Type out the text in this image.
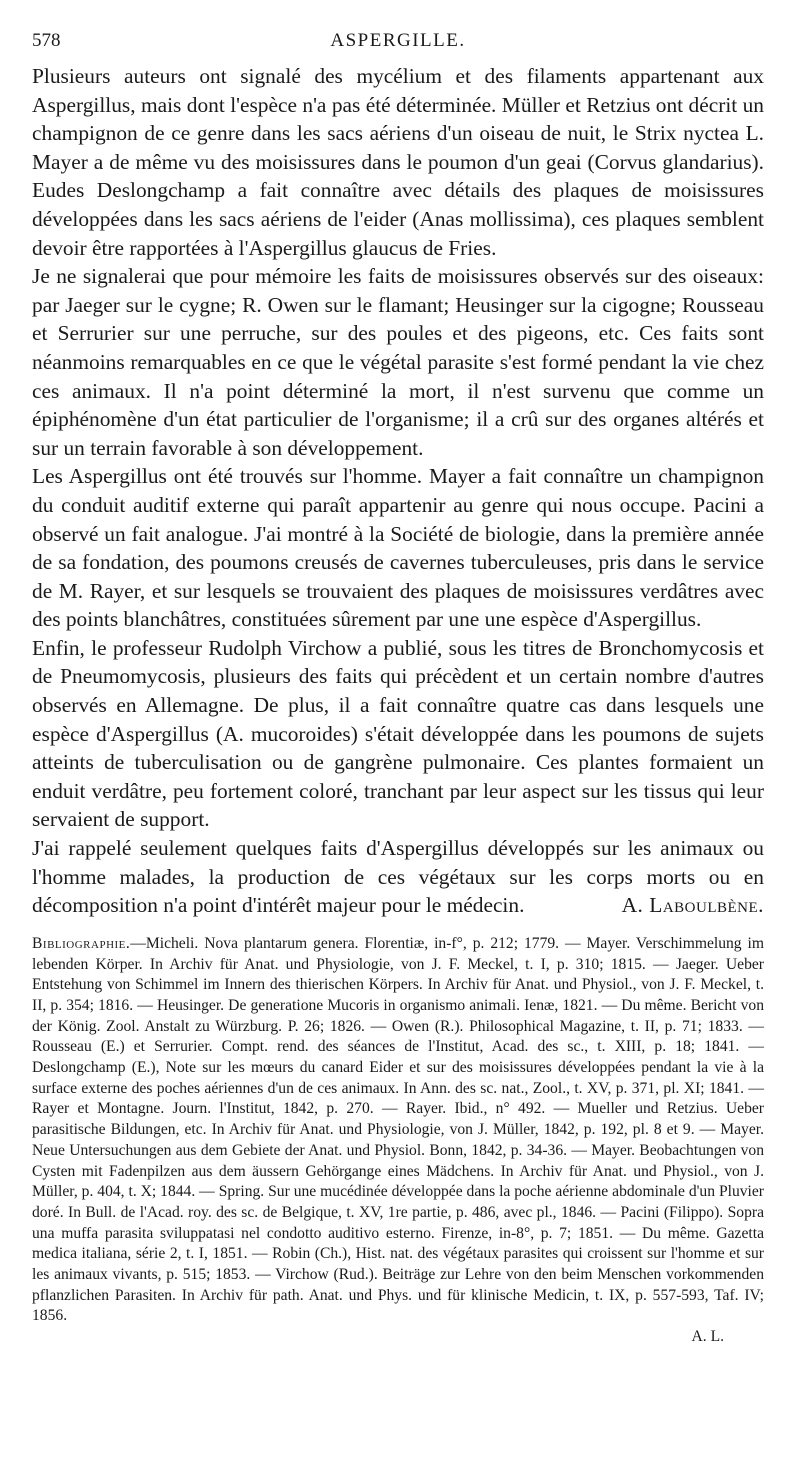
578	ASPERGILLE.

Plusieurs auteurs ont signalé des mycélium et des filaments appartenant aux Aspergillus, mais dont l'espèce n'a pas été déterminée. Müller et Retzius ont décrit un champignon de ce genre dans les sacs aériens d'un oiseau de nuit, le Strix nyctea L. Mayer a de même vu des moisissures dans le poumon d'un geai (Corvus glandarius). Eudes Deslongchamp a fait connaître avec détails des plaques de moisissures développées dans les sacs aériens de l'eider (Anas mollissima), ces plaques semblent devoir être rapportées à l'Aspergillus glaucus de Fries.

Je ne signalerai que pour mémoire les faits de moisissures observés sur des oiseaux: par Jaeger sur le cygne; R. Owen sur le flamant; Heusinger sur la cigogne; Rousseau et Serrurier sur une perruche, sur des poules et des pigeons, etc. Ces faits sont néanmoins remarquables en ce que le végétal parasite s'est formé pendant la vie chez ces animaux. Il n'a point déterminé la mort, il n'est survenu que comme un épiphénomène d'un état particulier de l'organisme; il a crû sur des organes altérés et sur un terrain favorable à son développement.

Les Aspergillus ont été trouvés sur l'homme. Mayer a fait connaître un champignon du conduit auditif externe qui paraît appartenir au genre qui nous occupe. Pacini a observé un fait analogue. J'ai montré à la Société de biologie, dans la première année de sa fondation, des poumons creusés de cavernes tuberculeuses, pris dans le service de M. Rayer, et sur lesquels se trouvaient des plaques de moisissures verdâtres avec des points blanchâtres, constituées sûrement par une une espèce d'Aspergillus.

Enfin, le professeur Rudolph Virchow a publié, sous les titres de Bronchomycosis et de Pneumomycosis, plusieurs des faits qui précèdent et un certain nombre d'autres observés en Allemagne. De plus, il a fait connaître quatre cas dans lesquels une espèce d'Aspergillus (A. mucoroides) s'était développée dans les poumons de sujets atteints de tuberculisation ou de gangrène pulmonaire. Ces plantes formaient un enduit verdâtre, peu fortement coloré, tranchant par leur aspect sur les tissus qui leur servaient de support.

J'ai rappelé seulement quelques faits d'Aspergillus développés sur les animaux ou l'homme malades, la production de ces végétaux sur les corps morts ou en décomposition n'a point d'intérêt majeur pour le médecin.	A. Laboulbène.

Bibliographie.—Micheli. Nova plantarum genera. Florentiæ, in-f°, p. 212; 1779. — Mayer. Verschimmelung im lebenden Körper. In Archiv für Anat. und Physiologie, von J. F. Meckel, t. I, p. 310; 1815. — Jaeger. Ueber Entstehung von Schimmel im Innern des thierischen Körpers. In Archiv für Anat. und Physiol., von J. F. Meckel, t. II, p. 354; 1816. — Heusinger. De generatione Mucoris in organismo animali. Ienæ, 1821. — Du même. Bericht von der König. Zool. Anstalt zu Würzburg. P. 26; 1826. — Owen (R.). Philosophical Magazine, t. II, p. 71; 1833. — Rousseau (E.) et Serrurier. Compt. rend. des séances de l'Institut, Acad. des sc., t. XIII, p. 18; 1841. — Deslongchamp (E.), Note sur les mœurs du canard Eider et sur des moisissures développées pendant la vie à la surface externe des poches aériennes d'un de ces animaux. In Ann. des sc. nat., Zool., t. XV, p. 371, pl. XI; 1841. — Rayer et Montagne. Journ. l'Institut, 1842, p. 270. — Rayer. Ibid., n° 492. — Mueller und Retzius. Ueber parasitische Bildungen, etc. In Archiv für Anat. und Physiologie, von J. Müller, 1842, p. 192, pl. 8 et 9. — Mayer. Neue Untersuchungen aus dem Gebiete der Anat. und Physiol. Bonn, 1842, p. 34-36. — Mayer. Beobachtungen von Cysten mit Fadenpilzen aus dem äussern Gehörgange eines Mädchens. In Archiv für Anat. und Physiol., von J. Müller, p. 404, t. X; 1844. — Spring. Sur une mucédinée développée dans la poche aérienne abdominale d'un Pluvier doré. In Bull. de l'Acad. roy. des sc. de Belgique, t. XV, 1re partie, p. 486, avec pl., 1846. — Pacini (Filippo). Sopra una muffa parasita sviluppatasi nel condotto auditivo esterno. Firenze, in-8°, p. 7; 1851. — Du même. Gazetta medica italiana, série 2, t. I, 1851. — Robin (Ch.), Hist. nat. des végétaux parasites qui croissent sur l'homme et sur les animaux vivants, p. 515; 1853. — Virchow (Rud.). Beiträge zur Lehre von den beim Menschen vorkommenden pflanzlichen Parasiten. In Archiv für path. Anat. und Phys. und für klinische Medicin, t. IX, p. 557-593, Taf. IV; 1856.
A. L.
